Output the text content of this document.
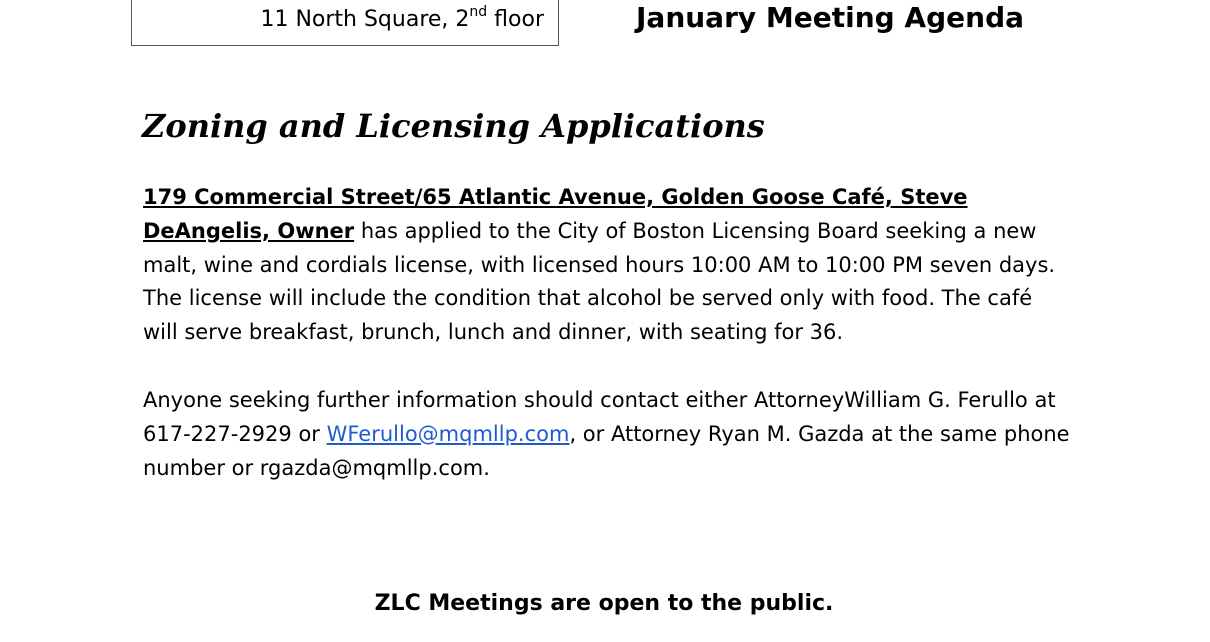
11 North Square, 2nd floor	January Meeting Agenda
Zoning and Licensing Applications

179 Commercial Street/65 Atlantic Avenue, Golden Goose Café, Steve DeAngelis, Owner has applied to the City of Boston Licensing Board seeking a new malt, wine and cordials license, with licensed hours 10:00 AM to 10:00 PM seven days. The license will include the condition that alcohol be served only with food. The café will serve breakfast, brunch, lunch and dinner, with seating for 36.

Anyone seeking further information should contact either AttorneyWilliam G. Ferullo at 617-227-2929 or WFerullo@mqmllp.com, or Attorney Ryan M. Gazda at the same phone number or rgazda@mqmllp.com.

ZLC Meetings are open to the public.
